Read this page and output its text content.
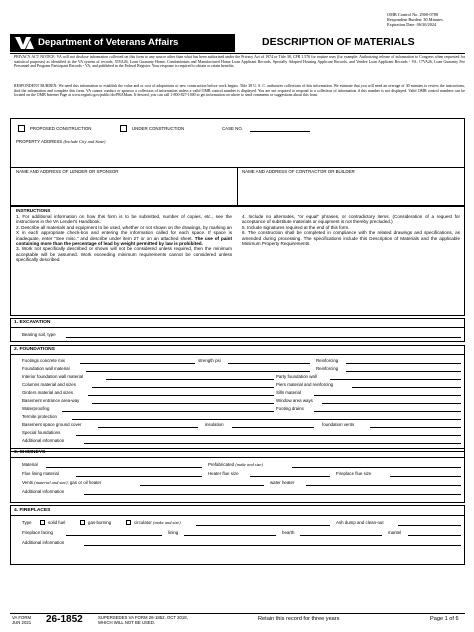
OMB Control No. 2900-0788
Respondent Burden: 30 Minutes
Expiration Date: 06/30/2024
Department of Veterans Affairs	DESCRIPTION OF MATERIALS
PRIVACY ACT NOTICE: VA will not disclose information collected on this form to any source other than what has been authorized under the Privacy Act of 1974 or Title 38, CFR 1.576 for routine uses (for example: Authorizing release of information to Congress when requested for statistical purposes) as identified in the VA system of records, 55VA26, Loan Guaranty Home, Condominium and Manufactured Home Loan Applicant Records, Specially Adapted Housing Applicant Records, and Vendee Loan Applicant Records - VA, 17VA26, Loan Guaranty Fee Personnel and Program Participant Records - VA, and published in the Federal Register. Your response is required to obtain or retain benefits.
RESPONDENT BURDEN: We need this information to establish the value and or cost of adaptations or new construction before work begins. Title 38 U. S. C. authorizes collections of this information. We estimate that you will need an average of 30 minutes to review the instructions, find the information and complete this form. VA cannot conduct or sponsor a collection of information unless a valid OMB control number is displayed. You are not required to respond to a collection of information if this number is not displayed. Valid OMB control numbers can be located on the OMB Internet Page at www.reginfo.gov/public/do/PRAMain. If desired, you can call 1-800-827-1000 to get information on where to send comments or suggestions about this form.
PROPOSED CONSTRUCTION	UNDER CONSTRUCTION	CASE NO.
PROPERTY ADDRESS (Include City and State)
NAME AND ADDRESS OF LENDER OR SPONSOR	NAME AND ADDRESS OF CONTRACTOR OR BUILDER
INSTRUCTIONS
1. For additional information on how this form is to be submitted, number of copies, etc., see the instructions in the VA Lender's Handbook.
2. Describe all materials and equipment to be used, whether or not shown on the drawings, by marking an X in each appropriate check-box and entering the information called for each space. If space is inadequate, enter "See misc." and describe under item 27 or on an attached sheet. The use of paint containing more than the percentage of lead by weight permitted by law is prohibited.
3. Work not specifically described or shown will not be considered unless required, then the minimum acceptable will be assumed. Work exceeding minimum requirements cannot be considered unless specifically described.
4. Include no alternates, "or equal" phrases, or contradictory items. (Consideration of a request for acceptance of substitute materials or equipment is not thereby precluded.)
5. Include signatures required at the end of this form.
6. The construction shall be completed in compliance with the related drawings and specifications, as amended during processing. The specifications include this Description of Materials and the applicable Minimum Property Requirements.
1. EXCAVATION
Bearing soil, type
2. FOUNDATIONS
Footings concrete mix	strength psi	Reinforcing
Foundation wall material	Reinforcing
Interior foundation wall material	Party foundation wall
Columns material and sizes	Piers material and reinforcing
Girders material and sizes	Sills material
Basement entrance area-way	Window area ways
Waterproofing	Footing drains
Termite protection
Basement space ground cover	insulation	foundation vents
Special foundations
Additional information
3. CHIMNEYS
Material	Prefabricated (make and size)
Flue lining material	Heater flue size	Fireplace flue size
Vents (material and size): gas or oil heater	water heater
Additional information
4. FIREPLACES
Type	solid fuel	gas-burning	circulator (make and size)	Ash dump and clean-out
Fireplace facing	lining	hearth	mantel
Additional information
VA FORM
JUN 2021 26-1852	SUPERSEDES VA FORM 26-1852, OCT 2018,
WHICH WILL NOT BE USED.
Retain this record for three years	Page 1 of 6
